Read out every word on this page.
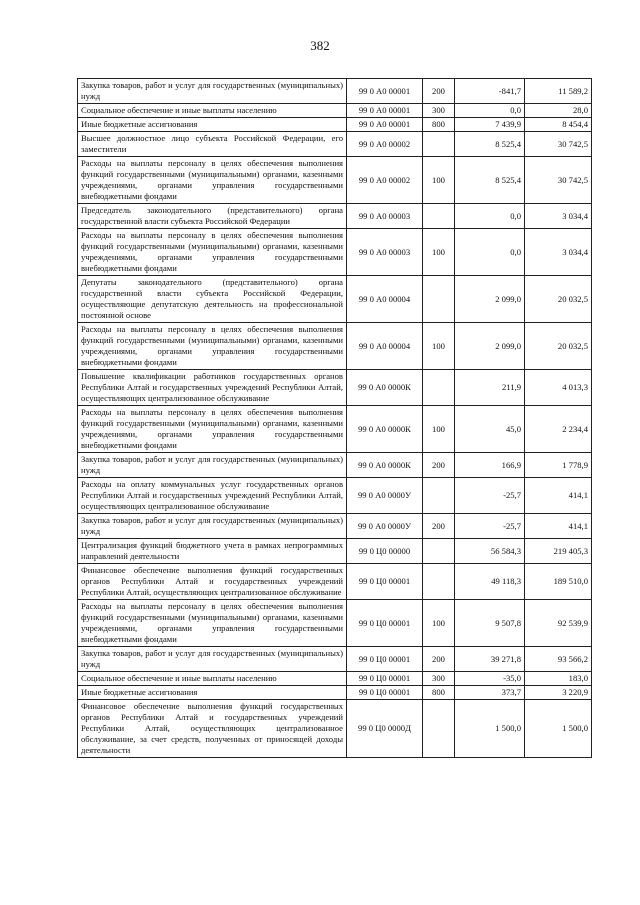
382
Закупка товаров, работ и услуг для государственных (муниципальных) нужд	99 0 А0 00001	200	-841,7	11 589,2
Социальное обеспечение и иные выплаты населению	99 0 А0 00001	300	0,0	28,0
Иные бюджетные ассигнования	99 0 А0 00001	800	7 439,9	8 454,4
Высшее должностное лицо субъекта Российской Федерации, его заместители	99 0 А0 00002		8 525,4	30 742,5
Расходы на выплаты персоналу в целях обеспечения выполнения функций государственными (муниципальными) органами, казенными учреждениями, органами управления государственными внебюджетными фондами	99 0 А0 00002	100	8 525,4	30 742,5
Председатель законодательного (представительного) органа государственной власти субъекта Российской Федерации	99 0 А0 00003		0,0	3 034,4
Расходы на выплаты персоналу в целях обеспечения выполнения функций государственными (муниципальными) органами, казенными учреждениями, органами управления государственными внебюджетными фондами	99 0 А0 00003	100	0,0	3 034,4
Депутаты законодательного (представительного) органа государственной власти субъекта Российской Федерации, осуществляющие депутатскую деятельность на профессиональной постоянной основе	99 0 А0 00004		2 099,0	20 032,5
Расходы на выплаты персоналу в целях обеспечения выполнения функций государственными (муниципальными) органами, казенными учреждениями, органами управления государственными внебюджетными фондами	99 0 А0 00004	100	2 099,0	20 032,5
Повышение квалификации работников государственных органов Республики Алтай и государственных учреждений Республики Алтай, осуществляющих централизованное обслуживание	99 0 А0 0000К		211,9	4 013,3
Расходы на выплаты персоналу в целях обеспечения выполнения функций государственными (муниципальными) органами, казенными учреждениями, органами управления государственными внебюджетными фондами	99 0 А0 0000К	100	45,0	2 234,4
Закупка товаров, работ и услуг для государственных (муниципальных) нужд	99 0 А0 0000К	200	166,9	1 778,9
Расходы на оплату коммунальных услуг государственных органов Республики Алтай и государственных учреждений Республики Алтай, осуществляющих централизованное обслуживание	99 0 А0 0000У		-25,7	414,1
Закупка товаров, работ и услуг для государственных (муниципальных) нужд	99 0 А0 0000У	200	-25,7	414,1
Централизация функций бюджетного учета в рамках непрограммных направлений деятельности	99 0 Ц0 00000		56 584,3	219 405,3
Финансовое обеспечение выполнения функций государственных органов Республики Алтай и государственных учреждений Республики Алтай, осуществляющих централизованное обслуживание	99 0 Ц0 00001		49 118,3	189 510,0
Расходы на выплаты персоналу в целях обеспечения выполнения функций государственными (муниципальными) органами, казенными учреждениями, органами управления государственными внебюджетными фондами	99 0 Ц0 00001	100	9 507,8	92 539,9
Закупка товаров, работ и услуг для государственных (муниципальных) нужд	99 0 Ц0 00001	200	39 271,8	93 566,2
Социальное обеспечение и иные выплаты населению	99 0 Ц0 00001	300	-35,0	183,0
Иные бюджетные ассигнования	99 0 Ц0 00001	800	373,7	3 220,9
Финансовое обеспечение выполнения функций государственных органов Республики Алтай и государственных учреждений Республики Алтай, осуществляющих централизованное обслуживание, за счет средств, полученных от приносящей доходы деятельности	99 0 Ц0 0000Д		1 500,0	1 500,0
